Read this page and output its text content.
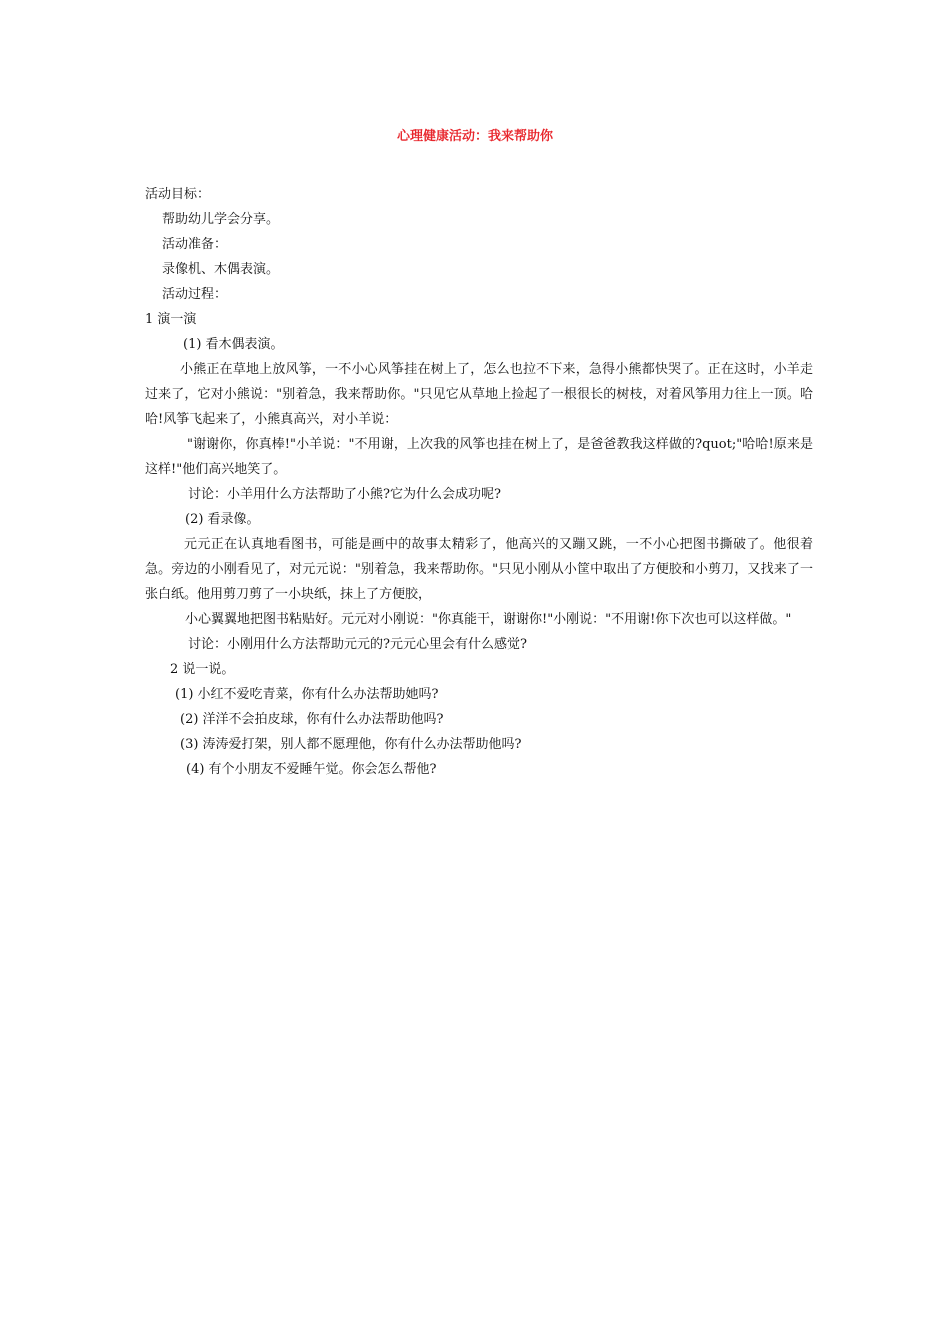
心理健康活动：我来帮助你
活动目标：
帮助幼儿学会分享。
活动准备：
录像机、木偶表演。
活动过程：
1 演一演
(1) 看木偶表演。

小熊正在草地上放风筝，一不小心风筝挂在树上了，怎么也拉不下来，急得小熊都快哭了。正在这时，小羊走过来了，它对小熊说："别着急，我来帮助你。"只见它从草地上捡起了一根很长的树枝，对着风筝用力往上一顶。哈哈!风筝飞起来了，小熊真高兴，对小羊说：

"谢谢你，你真棒!"小羊说："不用谢，上次我的风筝也挂在树上了，是爸爸教我这样做的?quot;"哈哈!原来是这样!"他们高兴地笑了。

讨论：小羊用什么方法帮助了小熊?它为什么会成功呢?
(2) 看录像。

元元正在认真地看图书，可能是画中的故事太精彩了，他高兴的又蹦又跳，一不小心把图书撕破了。他很着急。旁边的小刚看见了，对元元说："别着急，我来帮助你。"只见小刚从小筐中取出了方便胶和小剪刀，又找来了一张白纸。他用剪刀剪了一小块纸，抹上了方便胶，

小心翼翼地把图书粘贴好。元元对小刚说："你真能干，谢谢你!"小刚说："不用谢!你下次也可以这样做。"

讨论：小刚用什么方法帮助元元的?元元心里会有什么感觉?
2 说一说。
(1) 小红不爱吃青菜，你有什么办法帮助她吗?
(2) 洋洋不会拍皮球，你有什么办法帮助他吗?
(3) 涛涛爱打架，别人都不愿理他，你有什么办法帮助他吗?
(4) 有个小朋友不爱睡午觉。你会怎么帮他?
